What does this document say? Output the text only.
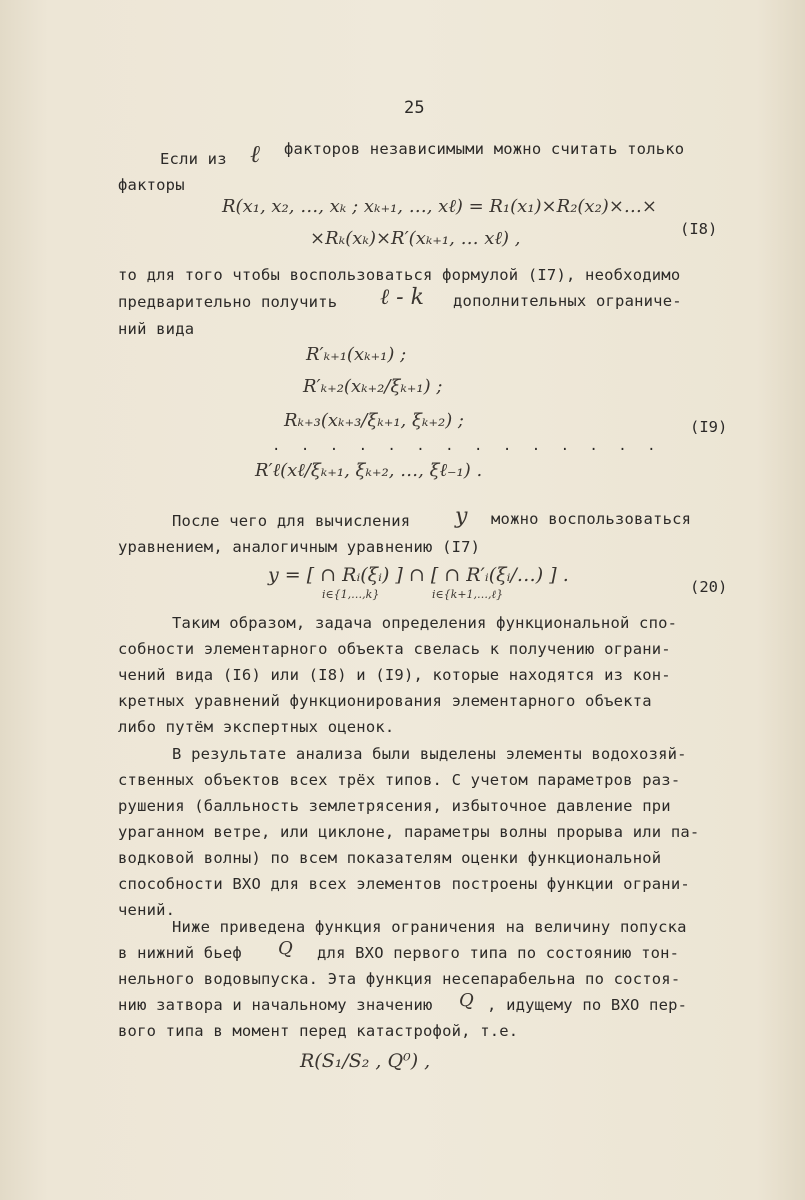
25
Если из ℓ факторов независимыми можно считать только
факторы
R(x₁, x₂, …, xₖ ; xₖ₊₁, …, xℓ) = R₁(x₁)×R₂(x₂)×…×
×Rₖ(xₖ)×R′(xₖ₊₁, … xℓ) ,	(I8)
то для того чтобы воспользоваться формулой (I7), необходимо
предварительно получить ℓ - k дополнительных ограниче-
ний вида
R′ₖ₊₁(xₖ₊₁) ;
R′ₖ₊₂(xₖ₊₂/ξₖ₊₁) ;
Rₖ₊₃(xₖ₊₃/ξₖ₊₁, ξₖ₊₂) ;
. . . . . . . . . . . . . .
R′ℓ(xℓ/ξₖ₊₁, ξₖ₊₂, …, ξℓ₋₁) .
(I9)
После чего для вычисления y можно воспользоваться
уравнением, аналогичным уравнению (I7)
y = [ ∩ Rᵢ(ξᵢ) ] ∩ [ ∩ R′ᵢ(ξᵢ/…) ] .
i∈{1,…,k}	i∈{k+1,…,ℓ}	(20)
Таким образом, задача определения функциональной спо-
собности элементарного объекта свелась к получению ограни-
чений вида (I6) или (I8) и (I9), которые находятся из кон-
кретных уравнений функционирования элементарного объекта
либо путём экспертных оценок.
В результате анализа были выделены элементы водохозяй-
ственных объектов всех трёх типов. С учетом параметров раз-
рушения (балльность землетрясения, избыточное давление при
ураганном ветре, или циклоне, параметры волны прорыва или па-
водковой волны) по всем показателям оценки функциональной
способности ВХО для всех элементов построены функции ограни-
чений.
Ниже приведена функция ограничения на величину попуска
в нижний бьеф Q для ВХО первого типа по состоянию тон-
нельного водовыпуска. Эта функция несепарабельна по состоя-
нию затвора и начальному значению Q , идущему по ВХО пер-
вого типа в момент перед катастрофой, т.е.
R(S₁/S₂ , Q⁰) ,
